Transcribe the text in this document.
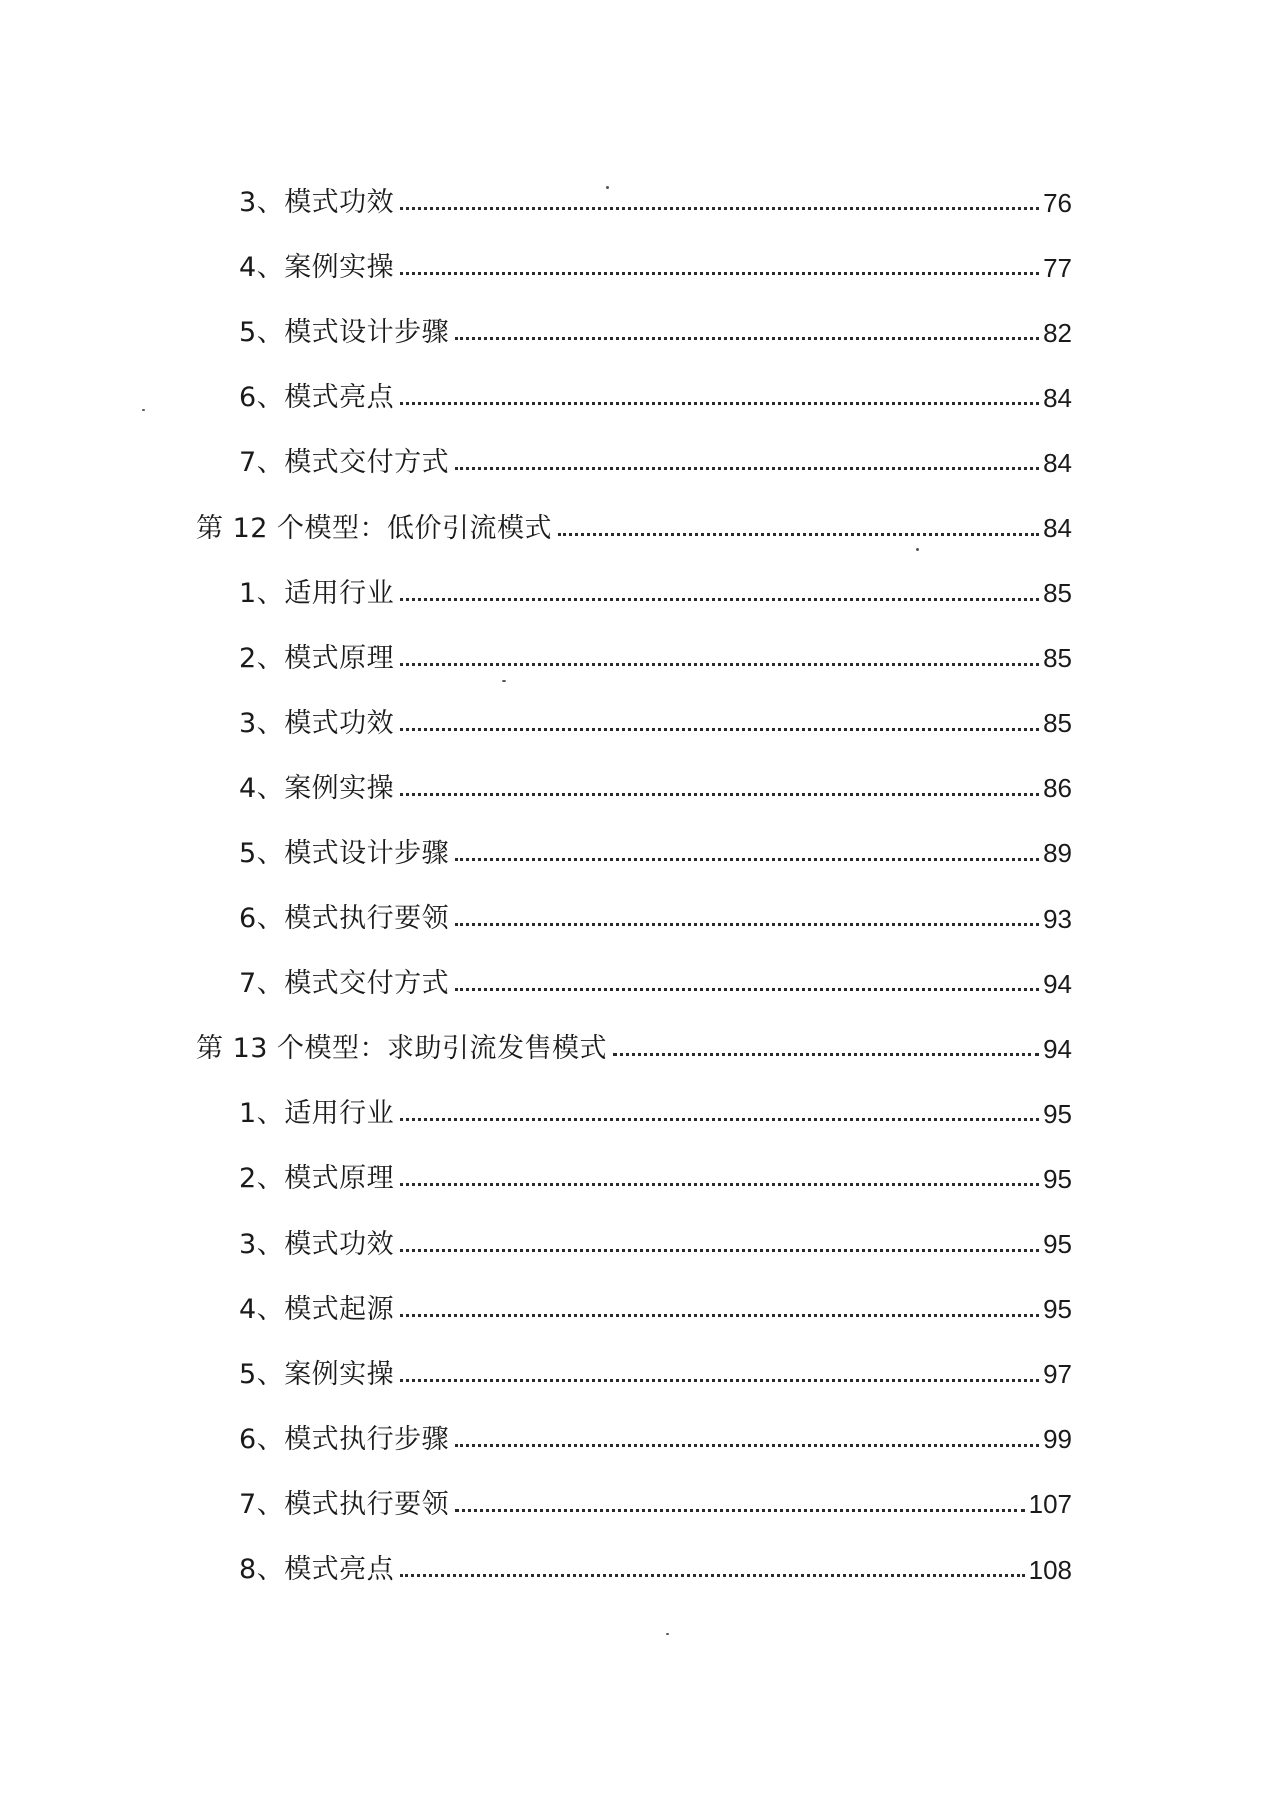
3 、 模式功效	76
4 、 案例实操	77
5 、 模式设计步骤	82
6 、 模式亮点	84
7 、 模式交付方式	84
第 12 个模型：低价引流模式	84
1 、 适用行业	85
2 、 模式原理	85
3 、 模式功效	85
4 、 案例实操	86
5 、 模式设计步骤	89
6 、 模式执行要领	93
7 、 模式交付方式	94
第 13 个模型：求助引流发售模式	94
1 、 适用行业	95
2 、 模式原理	95
3 、 模式功效	95
4 、 模式起源	95
5 、 案例实操	97
6 、 模式执行步骤	99
7 、 模式执行要领	107
8 、 模式亮点	108
